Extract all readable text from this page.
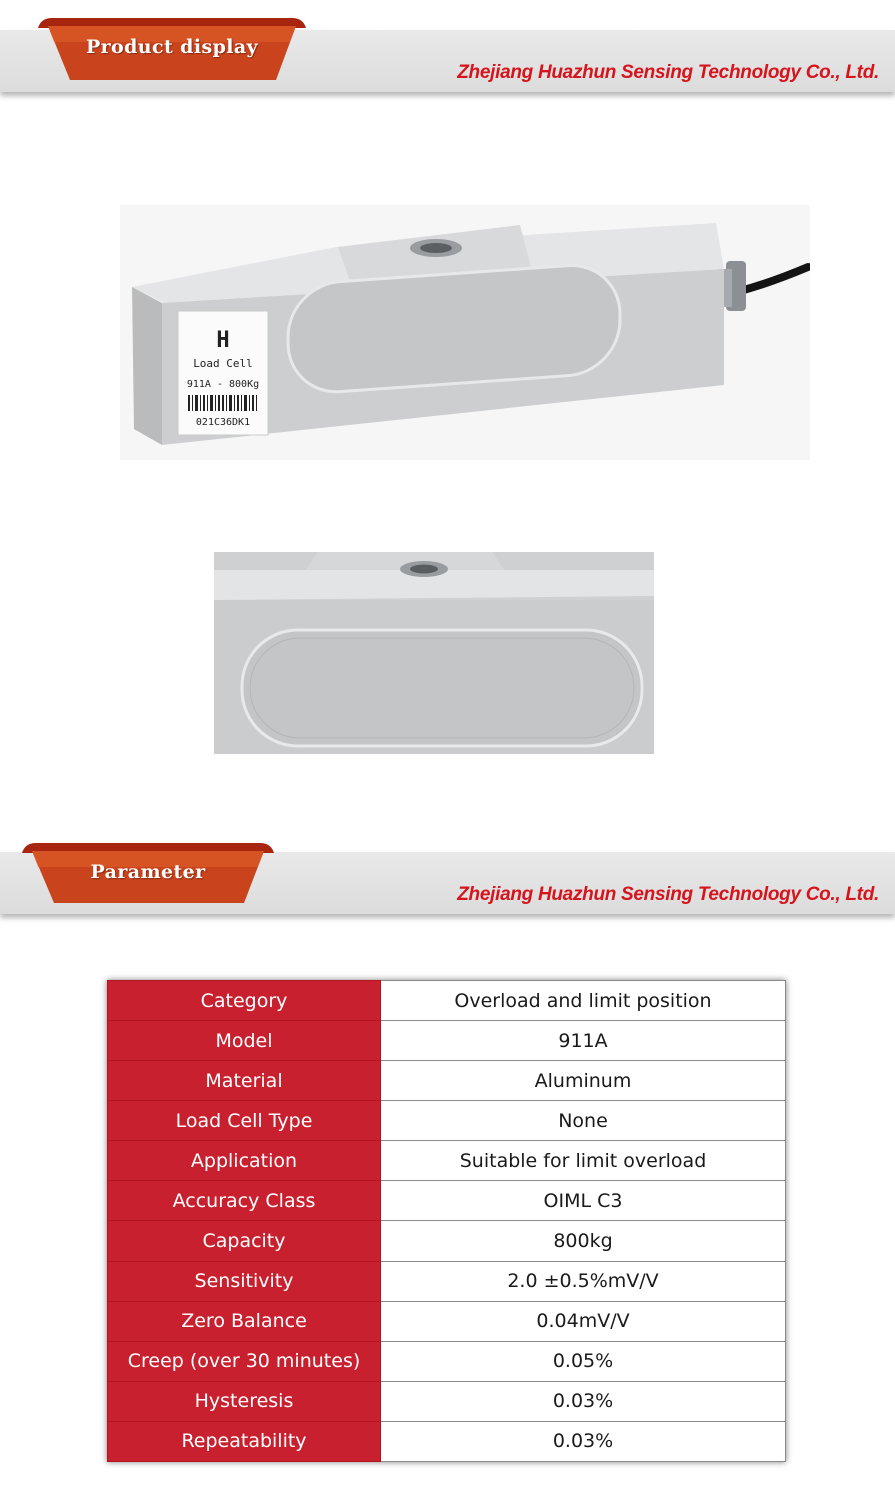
Product display
Zhejiang Huazhun Sensing Technology Co., Ltd.
H
Load Cell
911A - 800Kg
021C36DK1
Parameter
Zhejiang Huazhun Sensing Technology Co., Ltd.
Category	Overload and limit position
Model	911A
Material	Aluminum
Load Cell Type	None
Application	Suitable for limit overload
Accuracy Class	OIML C3
Capacity	800kg
Sensitivity	2.0 ±0.5%mV/V
Zero Balance	0.04mV/V
Creep (over 30 minutes)	0.05%
Hysteresis	0.03%
Repeatability	0.03%
